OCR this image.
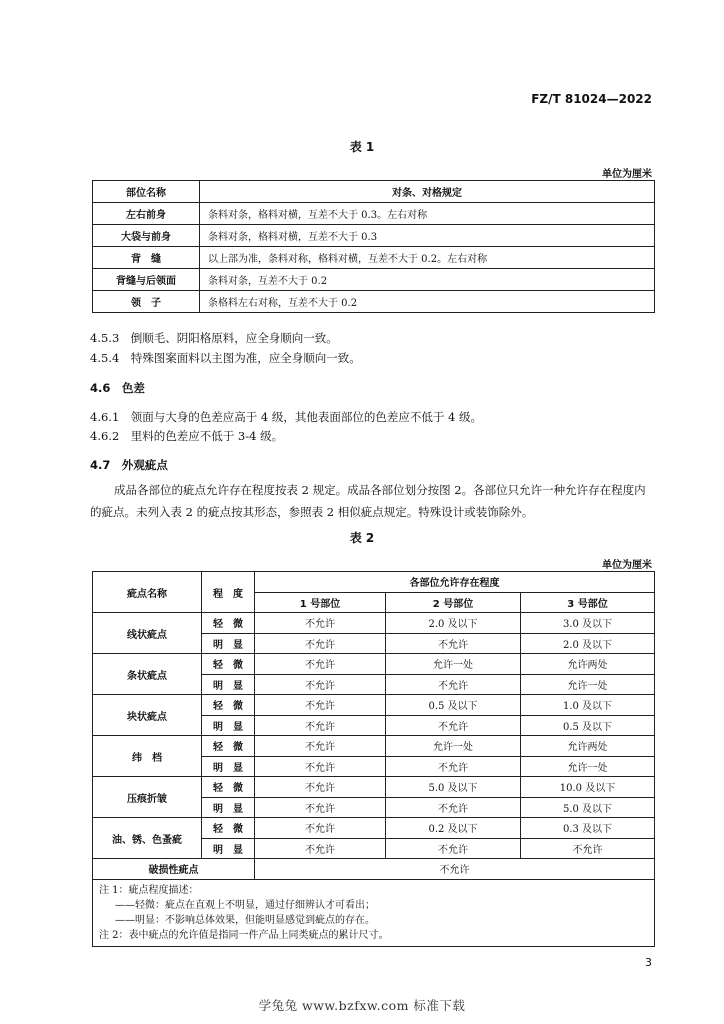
FZ/T 81024—2022
表 1
单位为厘米
部位名称	对条、对格规定
左右前身	条料对条，格料对横，互差不大于 0.3。左右对称
大袋与前身	条料对条，格料对横，互差不大于 0.3
背　缝	以上部为准，条料对称，格料对横，互差不大于 0.2。左右对称
背缝与后领面	条料对条，互差不大于 0.2
领　子	条格料左右对称，互差不大于 0.2
4.5.3　倒顺毛、阴阳格原料，应全身顺向一致。
4.5.4　特殊图案面料以主图为准，应全身顺向一致。
4.6　色差
4.6.1　领面与大身的色差应高于 4 级，其他表面部位的色差应不低于 4 级。
4.6.2　里料的色差应不低于 3-4 级。
4.7　外观疵点
成品各部位的疵点允许存在程度按表 2 规定。成品各部位划分按图 2。各部位只允许一种允许存在程度内的疵点。未列入表 2 的疵点按其形态，参照表 2 相似疵点规定。特殊设计或装饰除外。
表 2
单位为厘米
疵点名称	程　度	各部位允许存在程度		
		1 号部位	2 号部位	3 号部位
线状疵点	轻　微	不允许	2.0 及以下	3.0 及以下
	明　显	不允许	不允许	2.0 及以下
条状疵点	轻　微	不允许	允许一处	允许两处
	明　显	不允许	不允许	允许一处
块状疵点	轻　微	不允许	0.5 及以下	1.0 及以下
	明　显	不允许	不允许	0.5 及以下
纬　档	轻　微	不允许	允许一处	允许两处
	明　显	不允许	不允许	允许一处
压痕折皱	轻　微	不允许	5.0 及以下	10.0 及以下
	明　显	不允许	不允许	5.0 及以下
油、锈、色蚤疵	轻　微	不允许	0.2 及以下	0.3 及以下
	明　显	不允许	不允许	不允许
破损性疵点		不允许		

注 1：疵点程度描述：
——轻微：疵点在直观上不明显，通过仔细辨认才可看出；
——明显：不影响总体效果，但能明显感觉到疵点的存在。
注 2：表中疵点的允许值是指同一件产品上同类疵点的累计尺寸。				
3
学兔兔 www.bzfxw.com 标准下载
